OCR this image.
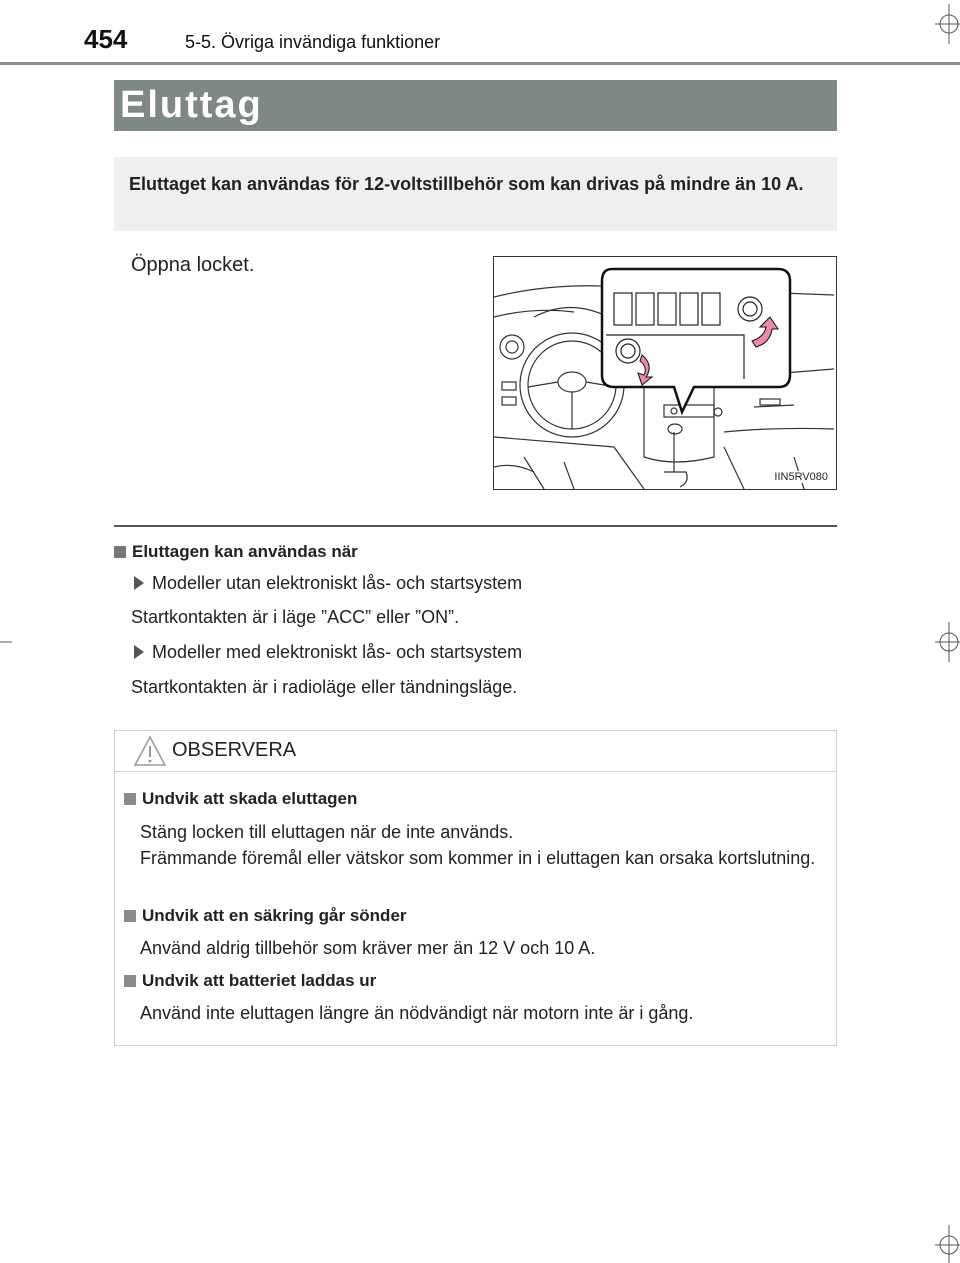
454	5-5. Övriga invändiga funktioner
Eluttag
Eluttaget kan användas för 12-voltstillbehör som kan drivas på mindre än 10 A.
Öppna locket.
IIN5RV080
Eluttagen kan användas när
Modeller utan elektroniskt lås- och startsystem
Startkontakten är i läge ”ACC” eller ”ON”.
Modeller med elektroniskt lås- och startsystem
Startkontakten är i radioläge eller tändningsläge.
OBSERVERA
Undvik att skada eluttagen
Stäng locken till eluttagen när de inte används.
Främmande föremål eller vätskor som kommer in i eluttagen kan orsaka kortslutning.
Undvik att en säkring går sönder
Använd aldrig tillbehör som kräver mer än 12 V och 10 A.
Undvik att batteriet laddas ur
Använd inte eluttagen längre än nödvändigt när motorn inte är i gång.
